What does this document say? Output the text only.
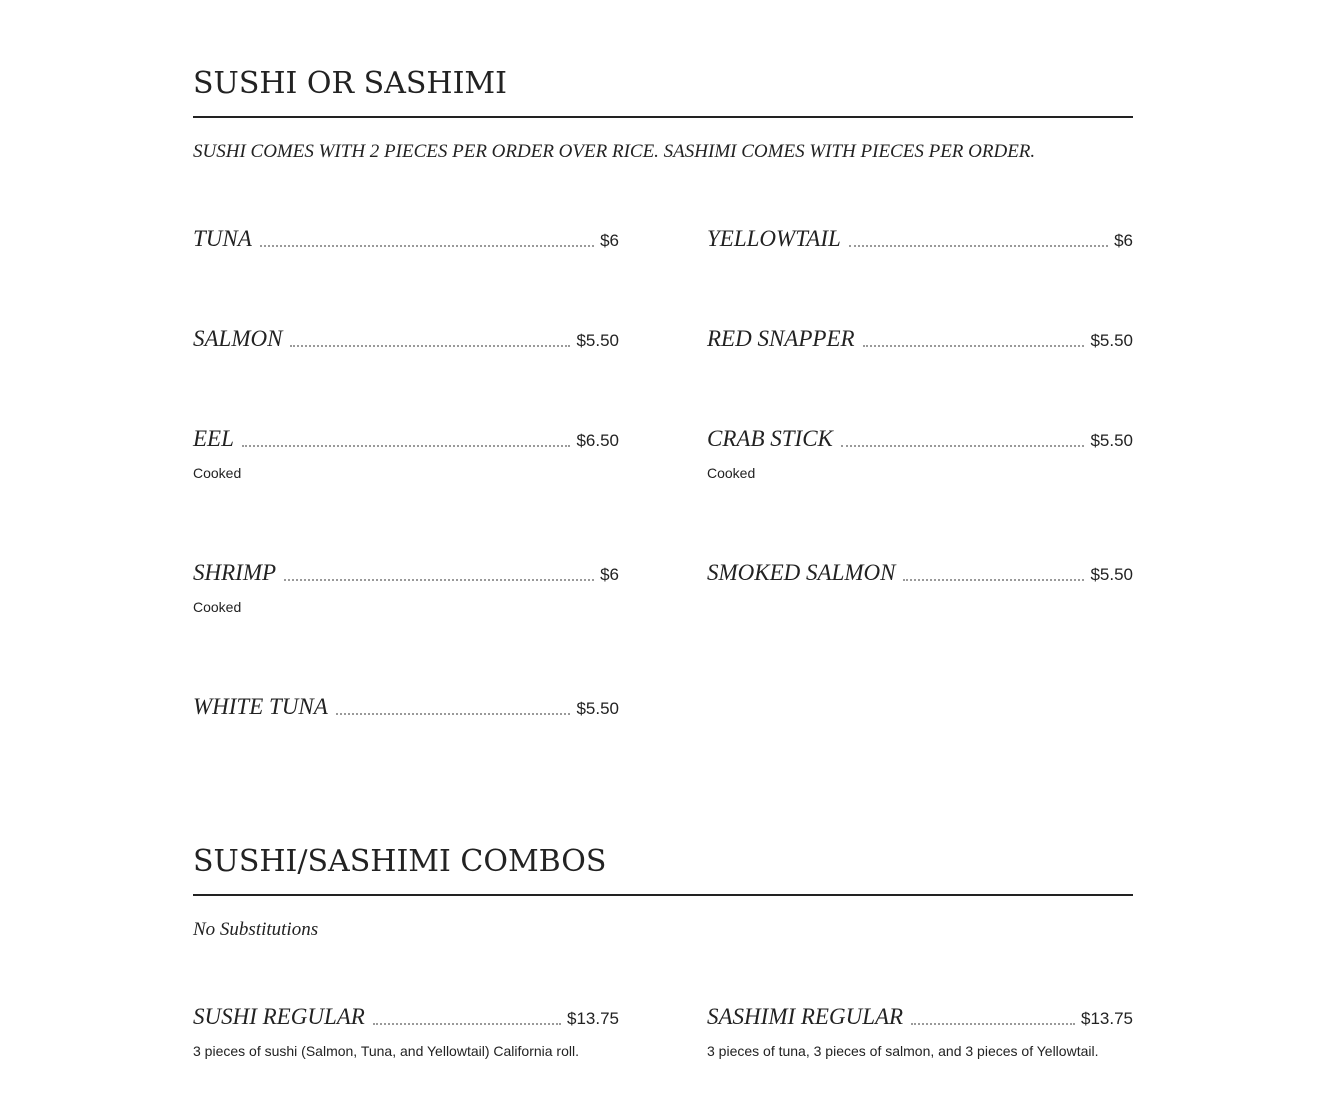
SUSHI OR SASHIMI
SUSHI COMES WITH 2 PIECES PER ORDER OVER RICE. SASHIMI COMES WITH PIECES PER ORDER.
TUNA	$6	YELLOWTAIL	$6
SALMON	$5.50	RED SNAPPER	$5.50
EEL	$6.50
Cooked
CRAB STICK	$5.50
Cooked
SHRIMP	$6
Cooked
SMOKED SALMON	$5.50
WHITE TUNA	$5.50
SUSHI/SASHIMI COMBOS
No Substitutions
SUSHI REGULAR	$13.75
3 pieces of sushi (Salmon, Tuna, and Yellowtail) California roll.
SASHIMI REGULAR	$13.75
3 pieces of tuna, 3 pieces of salmon, and 3 pieces of Yellowtail.
